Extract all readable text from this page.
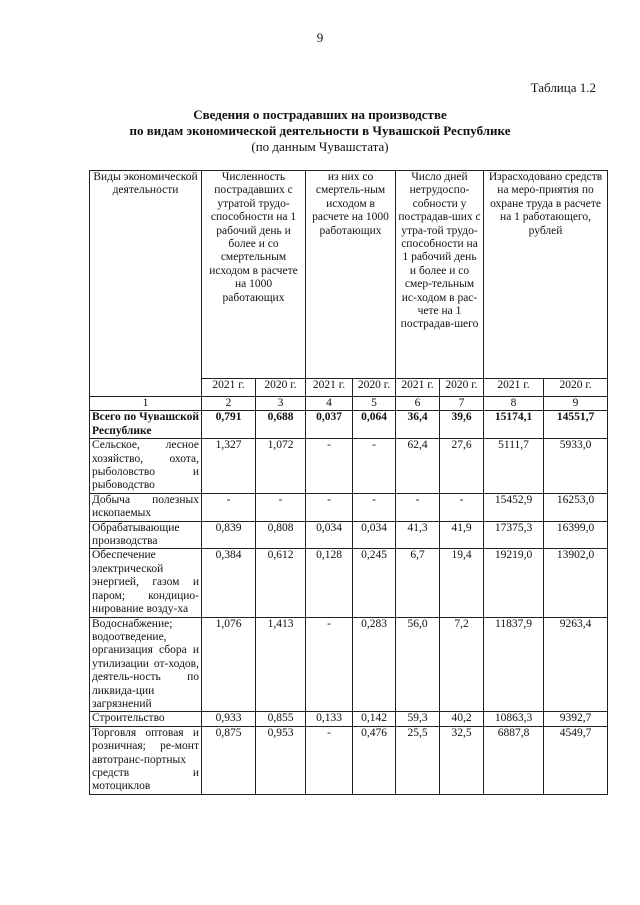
9
Таблица 1.2
Сведения о пострадавших на производстве
по видам экономической деятельности в Чувашской Республике
(по данным Чувашстата)
Виды экономической деятельности	Численность пострадавших с утратой трудо-способности на 1 рабочий день и более и со смертельным исходом в расчете на 1000 работающих		из них со смертель-ным исходом в расчете на 1000 работающих		Число дней нетрудоспо-собности у пострадав-ших с утра-той трудо-способности на 1 рабочий день и более и со смер-тельным ис-ходом в рас-чете на 1 пострадав-шего		Израсходовано средств на меро-приятия по охране труда в расчете на 1 работающего, рублей	
	2021 г.	2020 г.	2021 г.	2020 г.	2021 г.	2020 г.	2021 г.	2020 г.
1	2	3	4	5	6	7	8	9
Всего по Чувашской Республике	0,791	0,688	0,037	0,064	36,4	39,6	15174,1	14551,7
Сельское, лесное хозяйство, охота, рыболовство и рыбоводство	1,327	1,072	-	-	62,4	27,6	5111,7	5933,0
Добыча полезных ископаемых	-	-	-	-	-	-	15452,9	16253,0
Обрабатывающие производства	0,839	0,808	0,034	0,034	41,3	41,9	17375,3	16399,0
Обеспечение электрической энергией, газом и паром; кондицио-нирование возду-ха	0,384	0,612	0,128	0,245	6,7	19,4	19219,0	13902,0
Водоснабжение; водоотведение, организация сбора и утилизации от-ходов, деятель-ность по ликвида-ции загрязнений	1,076	1,413	-	0,283	56,0	7,2	11837,9	9263,4
Строительство	0,933	0,855	0,133	0,142	59,3	40,2	10863,3	9392,7
Торговля оптовая и розничная; ре-монт автотранс-портных средств и мотоциклов	0,875	0,953	-	0,476	25,5	32,5	6887,8	4549,7
